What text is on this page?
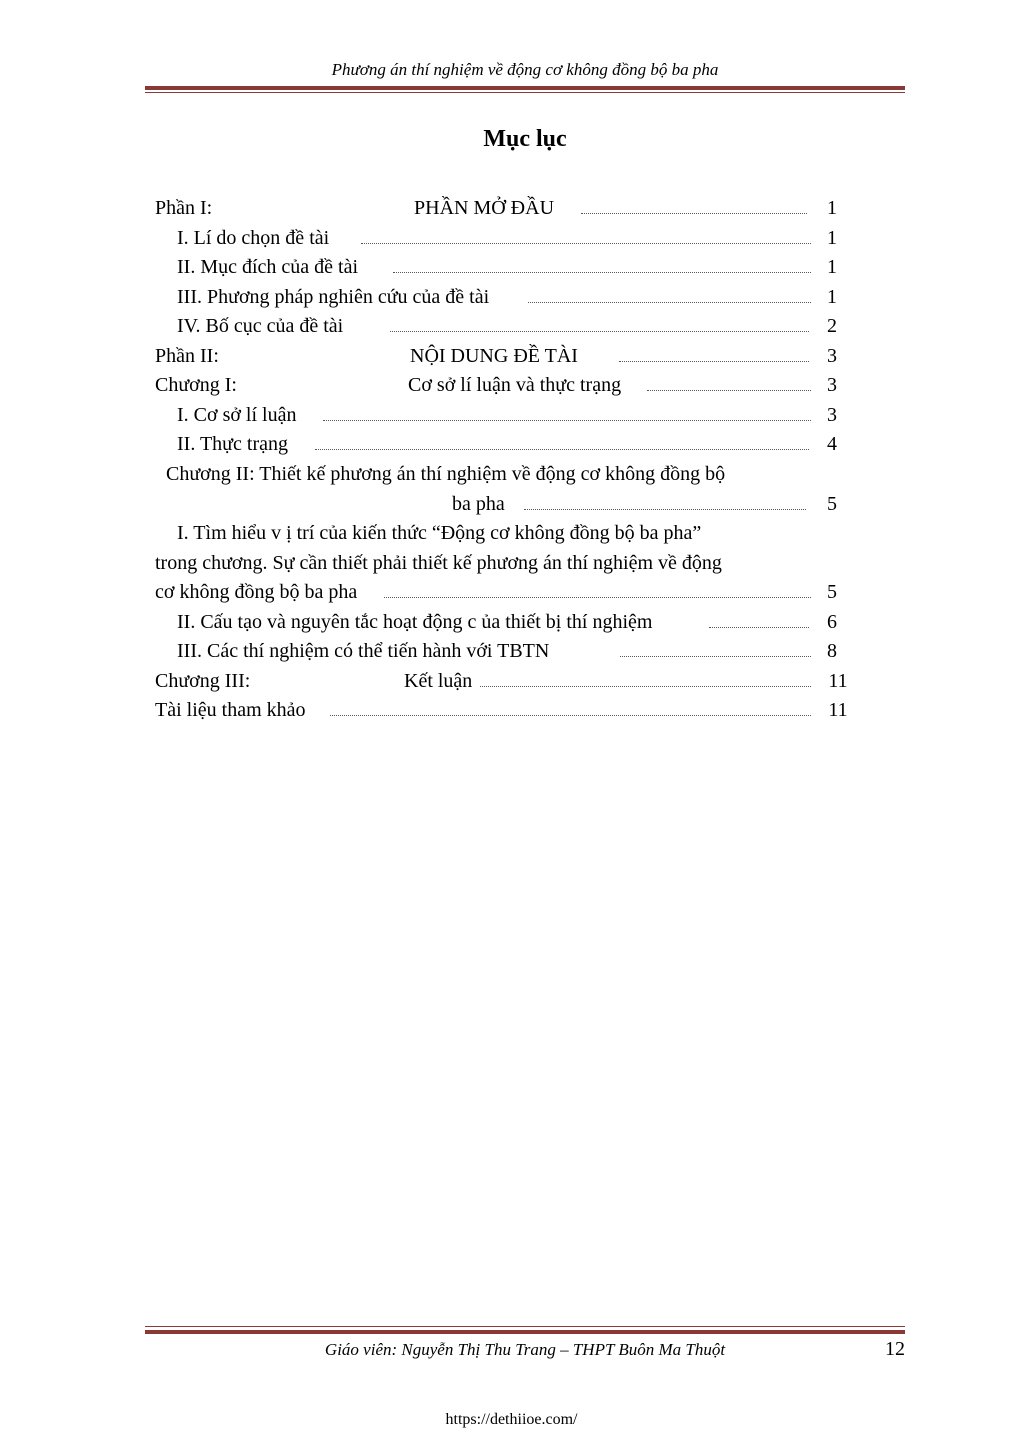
Phương án thí nghiệm về động cơ không đồng bộ ba pha
Mục lục
Phần I:	PHẦN MỞ ĐẦU	1
I. Lí do chọn đề tài	1
II. Mục đích của đề tài	1
III. Phương pháp nghiên cứu của đề tài	1
IV. Bố cục của đề tài	2
Phần II:	NỘI DUNG ĐỀ TÀI	3
Chương I:	Cơ sở lí luận và thực trạng	3
I. Cơ sở lí luận	3
II. Thực trạng	4
Chương II: Thiết kế phương án thí nghiệm về động cơ không đồng bộ
ba pha	5
I. Tìm hiểu v ị trí của kiến thức “Động cơ không đồng bộ ba pha”
trong chương. Sự cần thiết phải thiết kế phương án thí nghiệm về động
cơ không đồng bộ ba pha	5
II. Cấu tạo và nguyên tắc hoạt động c ủa thiết bị thí nghiệm	6
III. Các thí nghiệm có thể tiến hành với TBTN	8
Chương III:	Kết luận	11
Tài liệu tham khảo	11
Giáo viên: Nguyễn Thị Thu Trang – THPT Buôn Ma Thuột	12
https://dethiioe.com/
